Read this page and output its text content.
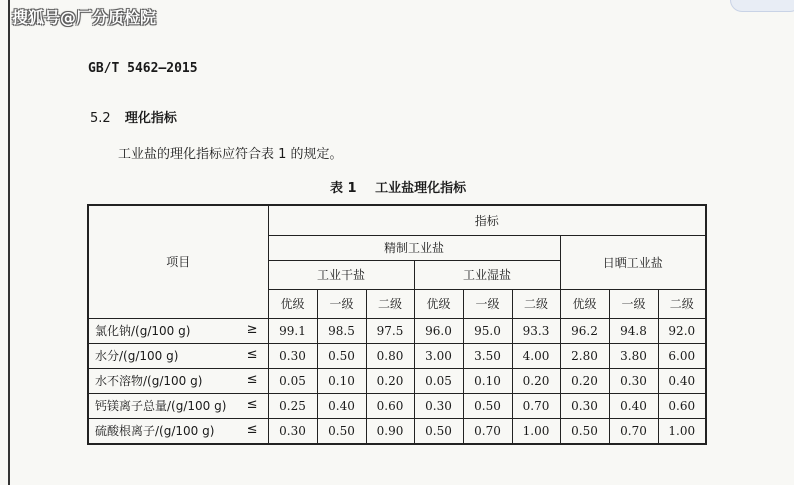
搜狐号@厂分质检院
GB/T 5462—2015
5.2 理化指标
工业盐的理化指标应符合表 1 的规定。
表 1 工业盐理化指标
项目	指标								
	精制工业盐						日晒工业盐		
	工业干盐			工业湿盐					
	优级	一级	二级	优级	一级	二级	优级	一级	二级
氯化钠/(g/100 g) ≥	99.1	98.5	97.5	96.0	95.0	93.3	96.2	94.8	92.0
水分/(g/100 g) ≤	0.30	0.50	0.80	3.00	3.50	4.00	2.80	3.80	6.00
水不溶物/(g/100 g) ≤	0.05	0.10	0.20	0.05	0.10	0.20	0.20	0.30	0.40
钙镁离子总量/(g/100 g) ≤	0.25	0.40	0.60	0.30	0.50	0.70	0.30	0.40	0.60
硫酸根离子/(g/100 g) ≤	0.30	0.50	0.90	0.50	0.70	1.00	0.50	0.70	1.00
